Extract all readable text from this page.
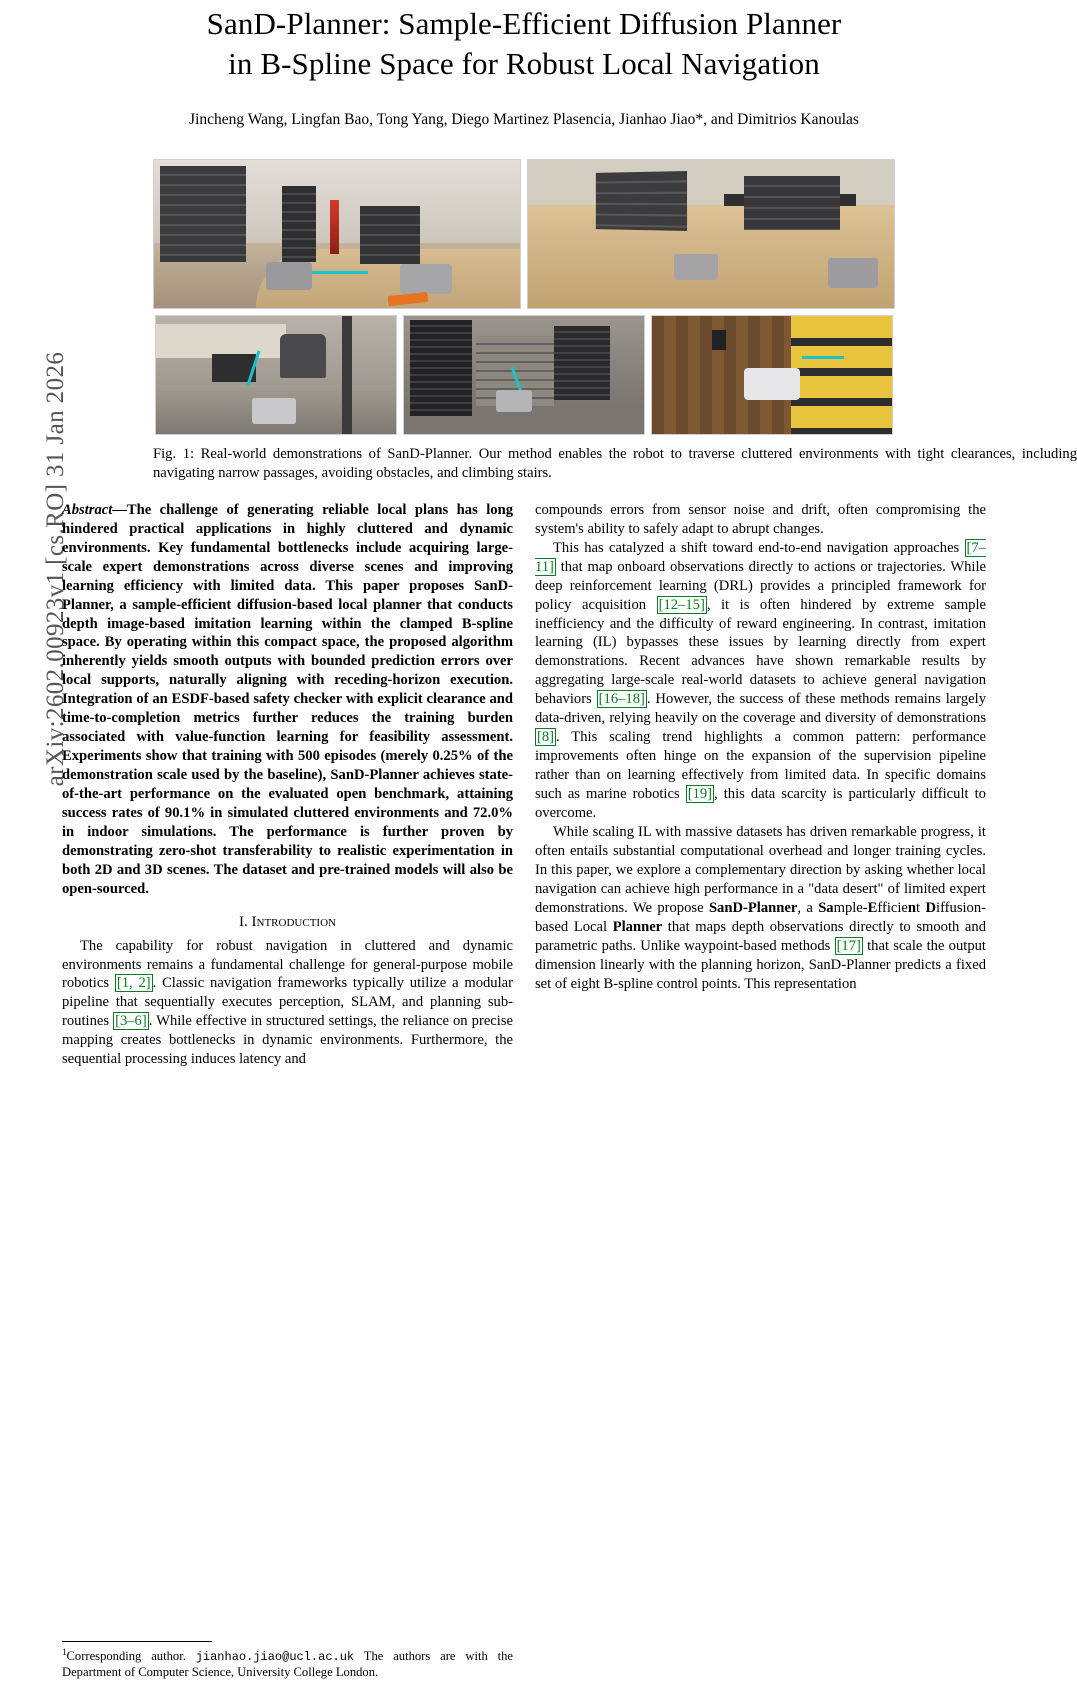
arXiv:2602.00923v1 [cs.RO] 31 Jan 2026
SanD-Planner: Sample-Efficient Diffusion Planner
in B-Spline Space for Robust Local Navigation
Jincheng Wang, Lingfan Bao, Tong Yang, Diego Martinez Plasencia, Jianhao Jiao*, and Dimitrios Kanoulas
Fig. 1: Real-world demonstrations of SanD-Planner. Our method enables the robot to traverse cluttered environments with tight clearances, including navigating narrow passages, avoiding obstacles, and climbing stairs.
Abstract—The challenge of generating reliable local plans has long hindered practical applications in highly cluttered and dynamic environments. Key fundamental bottlenecks include acquiring large-scale expert demonstrations across diverse scenes and improving learning efficiency with limited data. This paper proposes SanD-Planner, a sample-efficient diffusion-based local planner that conducts depth image-based imitation learning within the clamped B-spline space. By operating within this compact space, the proposed algorithm inherently yields smooth outputs with bounded prediction errors over local supports, naturally aligning with receding-horizon execution. Integration of an ESDF-based safety checker with explicit clearance and time-to-completion metrics further reduces the training burden associated with value-function learning for feasibility assessment. Experiments show that training with 500 episodes (merely 0.25% of the demonstration scale used by the baseline), SanD-Planner achieves state-of-the-art performance on the evaluated open benchmark, attaining success rates of 90.1% in simulated cluttered environments and 72.0% in indoor simulations. The performance is further proven by demonstrating zero-shot transferability to realistic experimentation in both 2D and 3D scenes. The dataset and pre-trained models will also be open-sourced.
I. Introduction

The capability for robust navigation in cluttered and dynamic environments remains a fundamental challenge for general-purpose mobile robotics [1, 2] . Classic navigation frameworks typically utilize a modular pipeline that sequentially executes perception, SLAM, and planning sub-routines [3–6] . While effective in structured settings, the reliance on precise mapping creates bottlenecks in dynamic environments. Furthermore, the sequential processing induces latency and

$^1$Corresponding author. jianhao.jiao@ucl.ac.uk The authors are with the Department of Computer Science, University College London.

compounds errors from sensor noise and drift, often compromising the system's ability to safely adapt to abrupt changes.

This has catalyzed a shift toward end-to-end navigation approaches [7–11] that map onboard observations directly to actions or trajectories. While deep reinforcement learning (DRL) provides a principled framework for policy acquisition [12–15] , it is often hindered by extreme sample inefficiency and the difficulty of reward engineering. In contrast, imitation learning (IL) bypasses these issues by learning directly from expert demonstrations. Recent advances have shown remarkable results by aggregating large-scale real-world datasets to achieve general navigation behaviors [16–18] . However, the success of these methods remains largely data-driven, relying heavily on the coverage and diversity of demonstrations [8] . This scaling trend highlights a common pattern: performance improvements often hinge on the expansion of the supervision pipeline rather than on learning effectively from limited data. In specific domains such as marine robotics [19] , this data scarcity is particularly difficult to overcome.

While scaling IL with massive datasets has driven remarkable progress, it often entails substantial computational overhead and longer training cycles. In this paper, we explore a complementary direction by asking whether local navigation can achieve high performance in a "data desert" of limited expert demonstrations. We propose SanD-Planner, a Sample-Efficient Diffusion-based Local Planner that maps depth observations directly to smooth and parametric paths. Unlike waypoint-based methods [17] that scale the output dimension linearly with the planning horizon, SanD-Planner predicts a fixed set of eight B-spline control points. This representation
